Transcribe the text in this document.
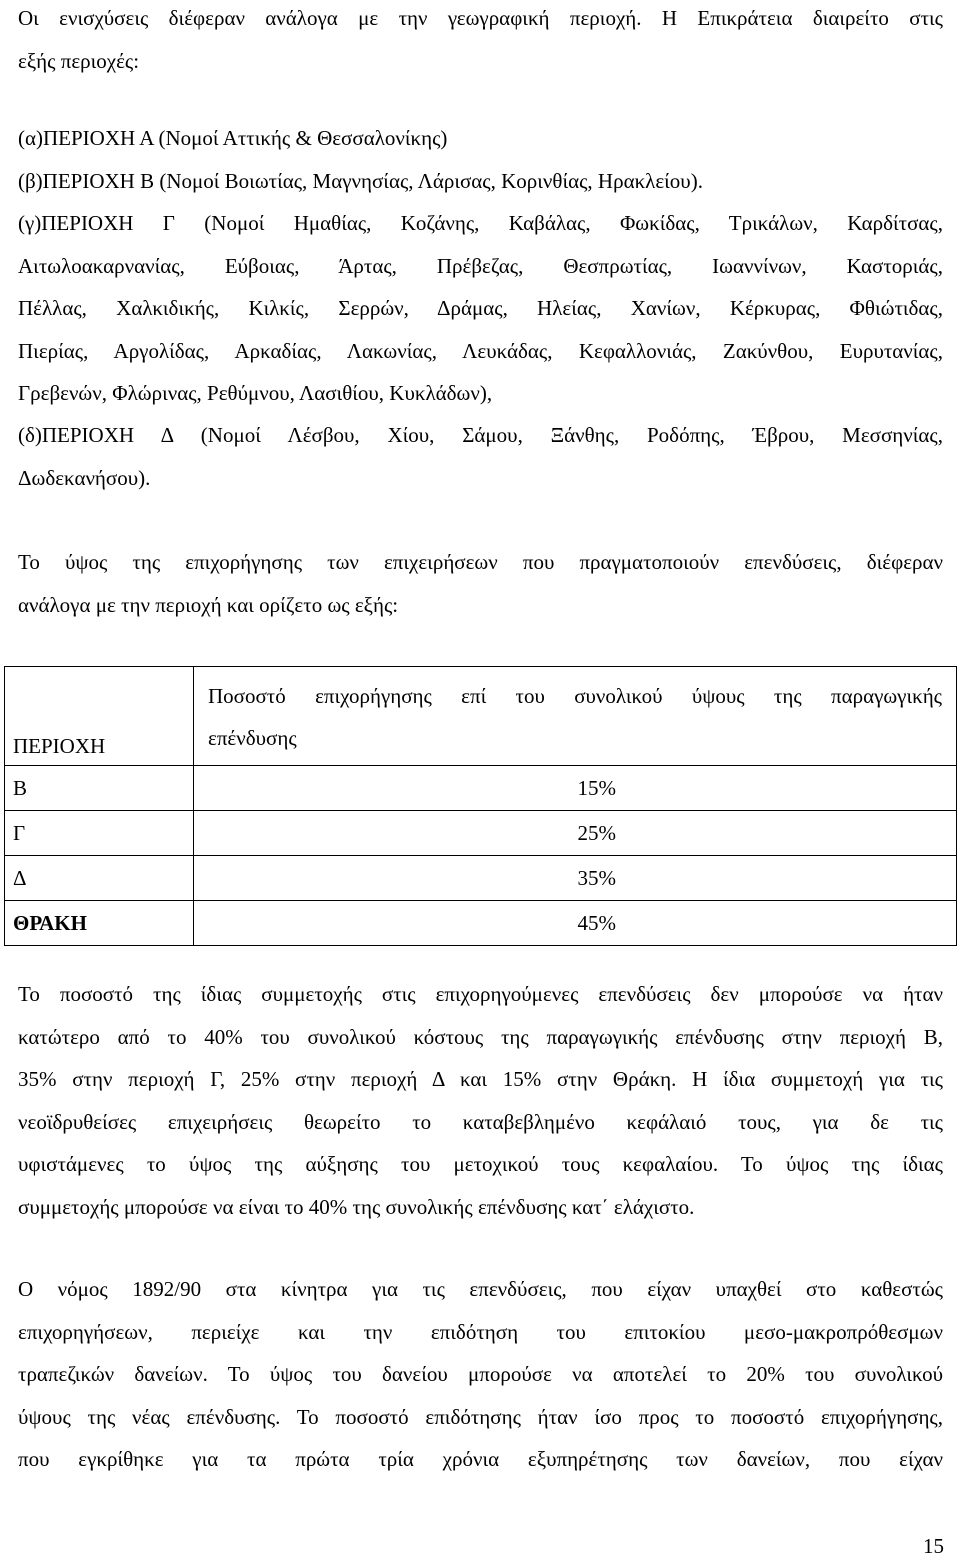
Οι ενισχύσεις διέφεραν ανάλογα με την γεωγραφική περιοχή. Η Επικράτεια διαιρείτο στις
εξής περιοχές:

(α)ΠΕΡΙΟΧΗ Α (Νομοί Αττικής & Θεσσαλονίκης)
(β)ΠΕΡΙΟΧΗ Β (Νομοί Βοιωτίας, Μαγνησίας, Λάρισας, Κορινθίας, Ηρακλείου).

(γ)ΠΕΡΙΟΧΗ Γ (Νομοί Ημαθίας, Κοζάνης, Καβάλας, Φωκίδας, Τρικάλων, Καρδίτσας,
Αιτωλοακαρνανίας, Εύβοιας, Άρτας, Πρέβεζας, Θεσπρωτίας, Ιωαννίνων, Καστοριάς,
Πέλλας, Χαλκιδικής, Κιλκίς, Σερρών, Δράμας, Ηλείας, Χανίων, Κέρκυρας, Φθιώτιδας,
Πιερίας, Αργολίδας, Αρκαδίας, Λακωνίας, Λευκάδας, Κεφαλλονιάς, Ζακύνθου, Ευρυτανίας,
Γρεβενών, Φλώρινας, Ρεθύμνου, Λασιθίου, Κυκλάδων),

(δ)ΠΕΡΙΟΧΗ Δ (Νομοί Λέσβου, Χίου, Σάμου, Ξάνθης, Ροδόπης, Έβρου, Μεσσηνίας,
Δωδεκανήσου).

Το ύψος της επιχορήγησης των επιχειρήσεων που πραγματοποιούν επενδύσεις, διέφεραν
ανάλογα με την περιοχή και ορίζετο ως εξής:

Το ποσοστό της ίδιας συμμετοχής στις επιχορηγούμενες επενδύσεις δεν μπορούσε να ήταν
κατώτερο από το 40% του συνολικού κόστους της παραγωγικής επένδυσης στην περιοχή Β,
35% στην περιοχή Γ, 25% στην περιοχή Δ και 15% στην Θράκη. Η ίδια συμμετοχή για τις
νεοϊδρυθείσες επιχειρήσεις θεωρείτο το καταβεβλημένο κεφάλαιό τους, για δε τις
υφιστάμενες το ύψος της αύξησης του μετοχικού τους κεφαλαίου. Το ύψος της ίδιας
συμμετοχής μπορούσε να είναι το 40% της συνολικής επένδυσης κατ΄ ελάχιστο.

Ο νόμος 1892/90 στα κίνητρα για τις επενδύσεις, που είχαν υπαχθεί στο καθεστώς
επιχορηγήσεων, περιείχε και την επιδότηση του επιτοκίου μεσο-μακροπρόθεσμων
τραπεζικών δανείων. Το ύψος του δανείου μπορούσε να αποτελεί το 20% του συνολικού
ύψους της νέας επένδυσης. Το ποσοστό επιδότησης ήταν ίσο προς το ποσοστό επιχορήγησης,
που εγκρίθηκε για τα πρώτα τρία χρόνια εξυπηρέτησης των δανείων, που είχαν

ΠΕΡΙΟΧΗ	Ποσοστό επιχορήγησης επί του συνολικού ύψους της παραγωγικής
επένδυσης

Β	15%
Γ	25%
Δ	35%
ΘΡΑΚΗ	45%
15
